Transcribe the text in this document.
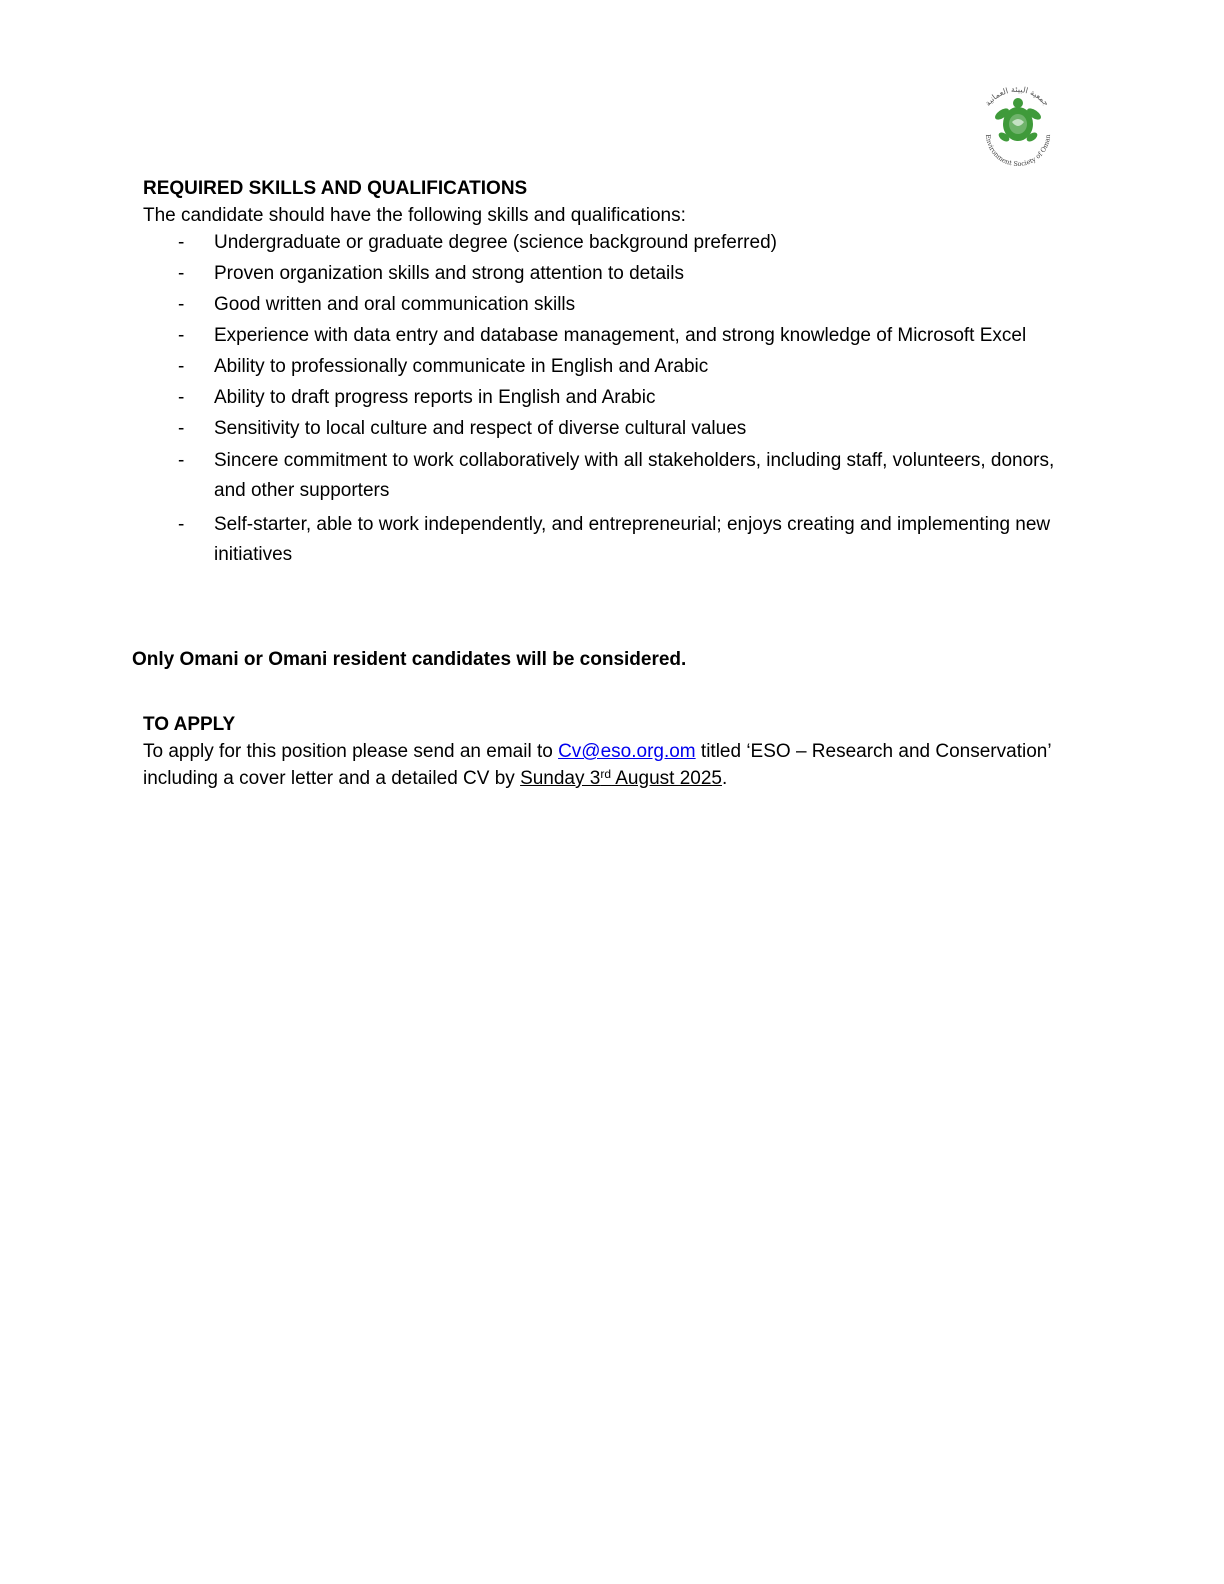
جمعية البيئة العمانية
Environment Society of Oman

REQUIRED SKILLS AND QUALIFICATIONS

The candidate should have the following skills and qualifications:

- Undergraduate or graduate degree (science background preferred)
- Proven organization skills and strong attention to details
- Good written and oral communication skills
- Experience with data entry and database management, and strong knowledge of Microsoft Excel
- Ability to professionally communicate in English and Arabic
- Ability to draft progress reports in English and Arabic
- Sensitivity to local culture and respect of diverse cultural values
- Sincere commitment to work collaboratively with all stakeholders, including staff, volunteers, donors, and other supporters
- Self-starter, able to work independently, and entrepreneurial; enjoys creating and implementing new initiatives

Only Omani or Omani resident candidates will be considered.

TO APPLY

To apply for this position please send an email to Cv@eso.org.om titled ‘ESO – Research and Conservation’ including a cover letter and a detailed CV by Sunday 3rd August 2025.
